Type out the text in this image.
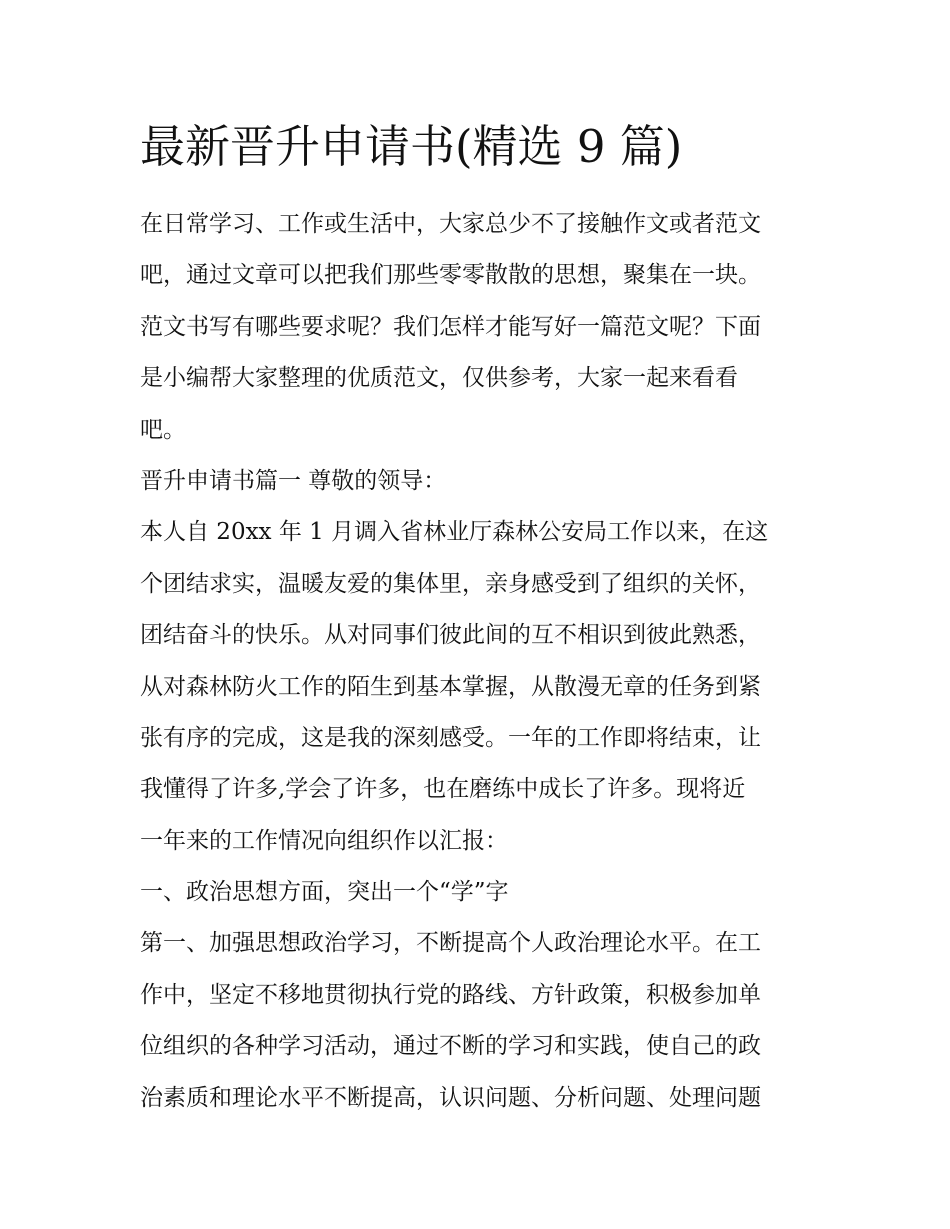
最新晋升申请书(精选 9 篇)

在日常学习、工作或生活中，大家总少不了接触作文或者范文

吧，通过文章可以把我们那些零零散散的思想，聚集在一块。

范文书写有哪些要求呢？我们怎样才能写好一篇范文呢？下面

是小编帮大家整理的优质范文，仅供参考，大家一起来看看

吧。

晋升申请书篇一 尊敬的领导：

本人自 20xx 年 1 月调入省林业厅森林公安局工作以来，在这

个团结求实，温暖友爱的集体里，亲身感受到了组织的关怀，

团结奋斗的快乐。从对同事们彼此间的互不相识到彼此熟悉，

从对森林防火工作的陌生到基本掌握，从散漫无章的任务到紧

张有序的完成，这是我的深刻感受。一年的工作即将结束，让

我懂得了许多,学会了许多，也在磨练中成长了许多。现将近

一年来的工作情况向组织作以汇报：

一、政治思想方面，突出一个“学”字

第一、加强思想政治学习，不断提高个人政治理论水平。在工

作中，坚定不移地贯彻执行党的路线、方针政策，积极参加单

位组织的各种学习活动，通过不断的学习和实践，使自己的政

治素质和理论水平不断提高，认识问题、分析问题、处理问题
